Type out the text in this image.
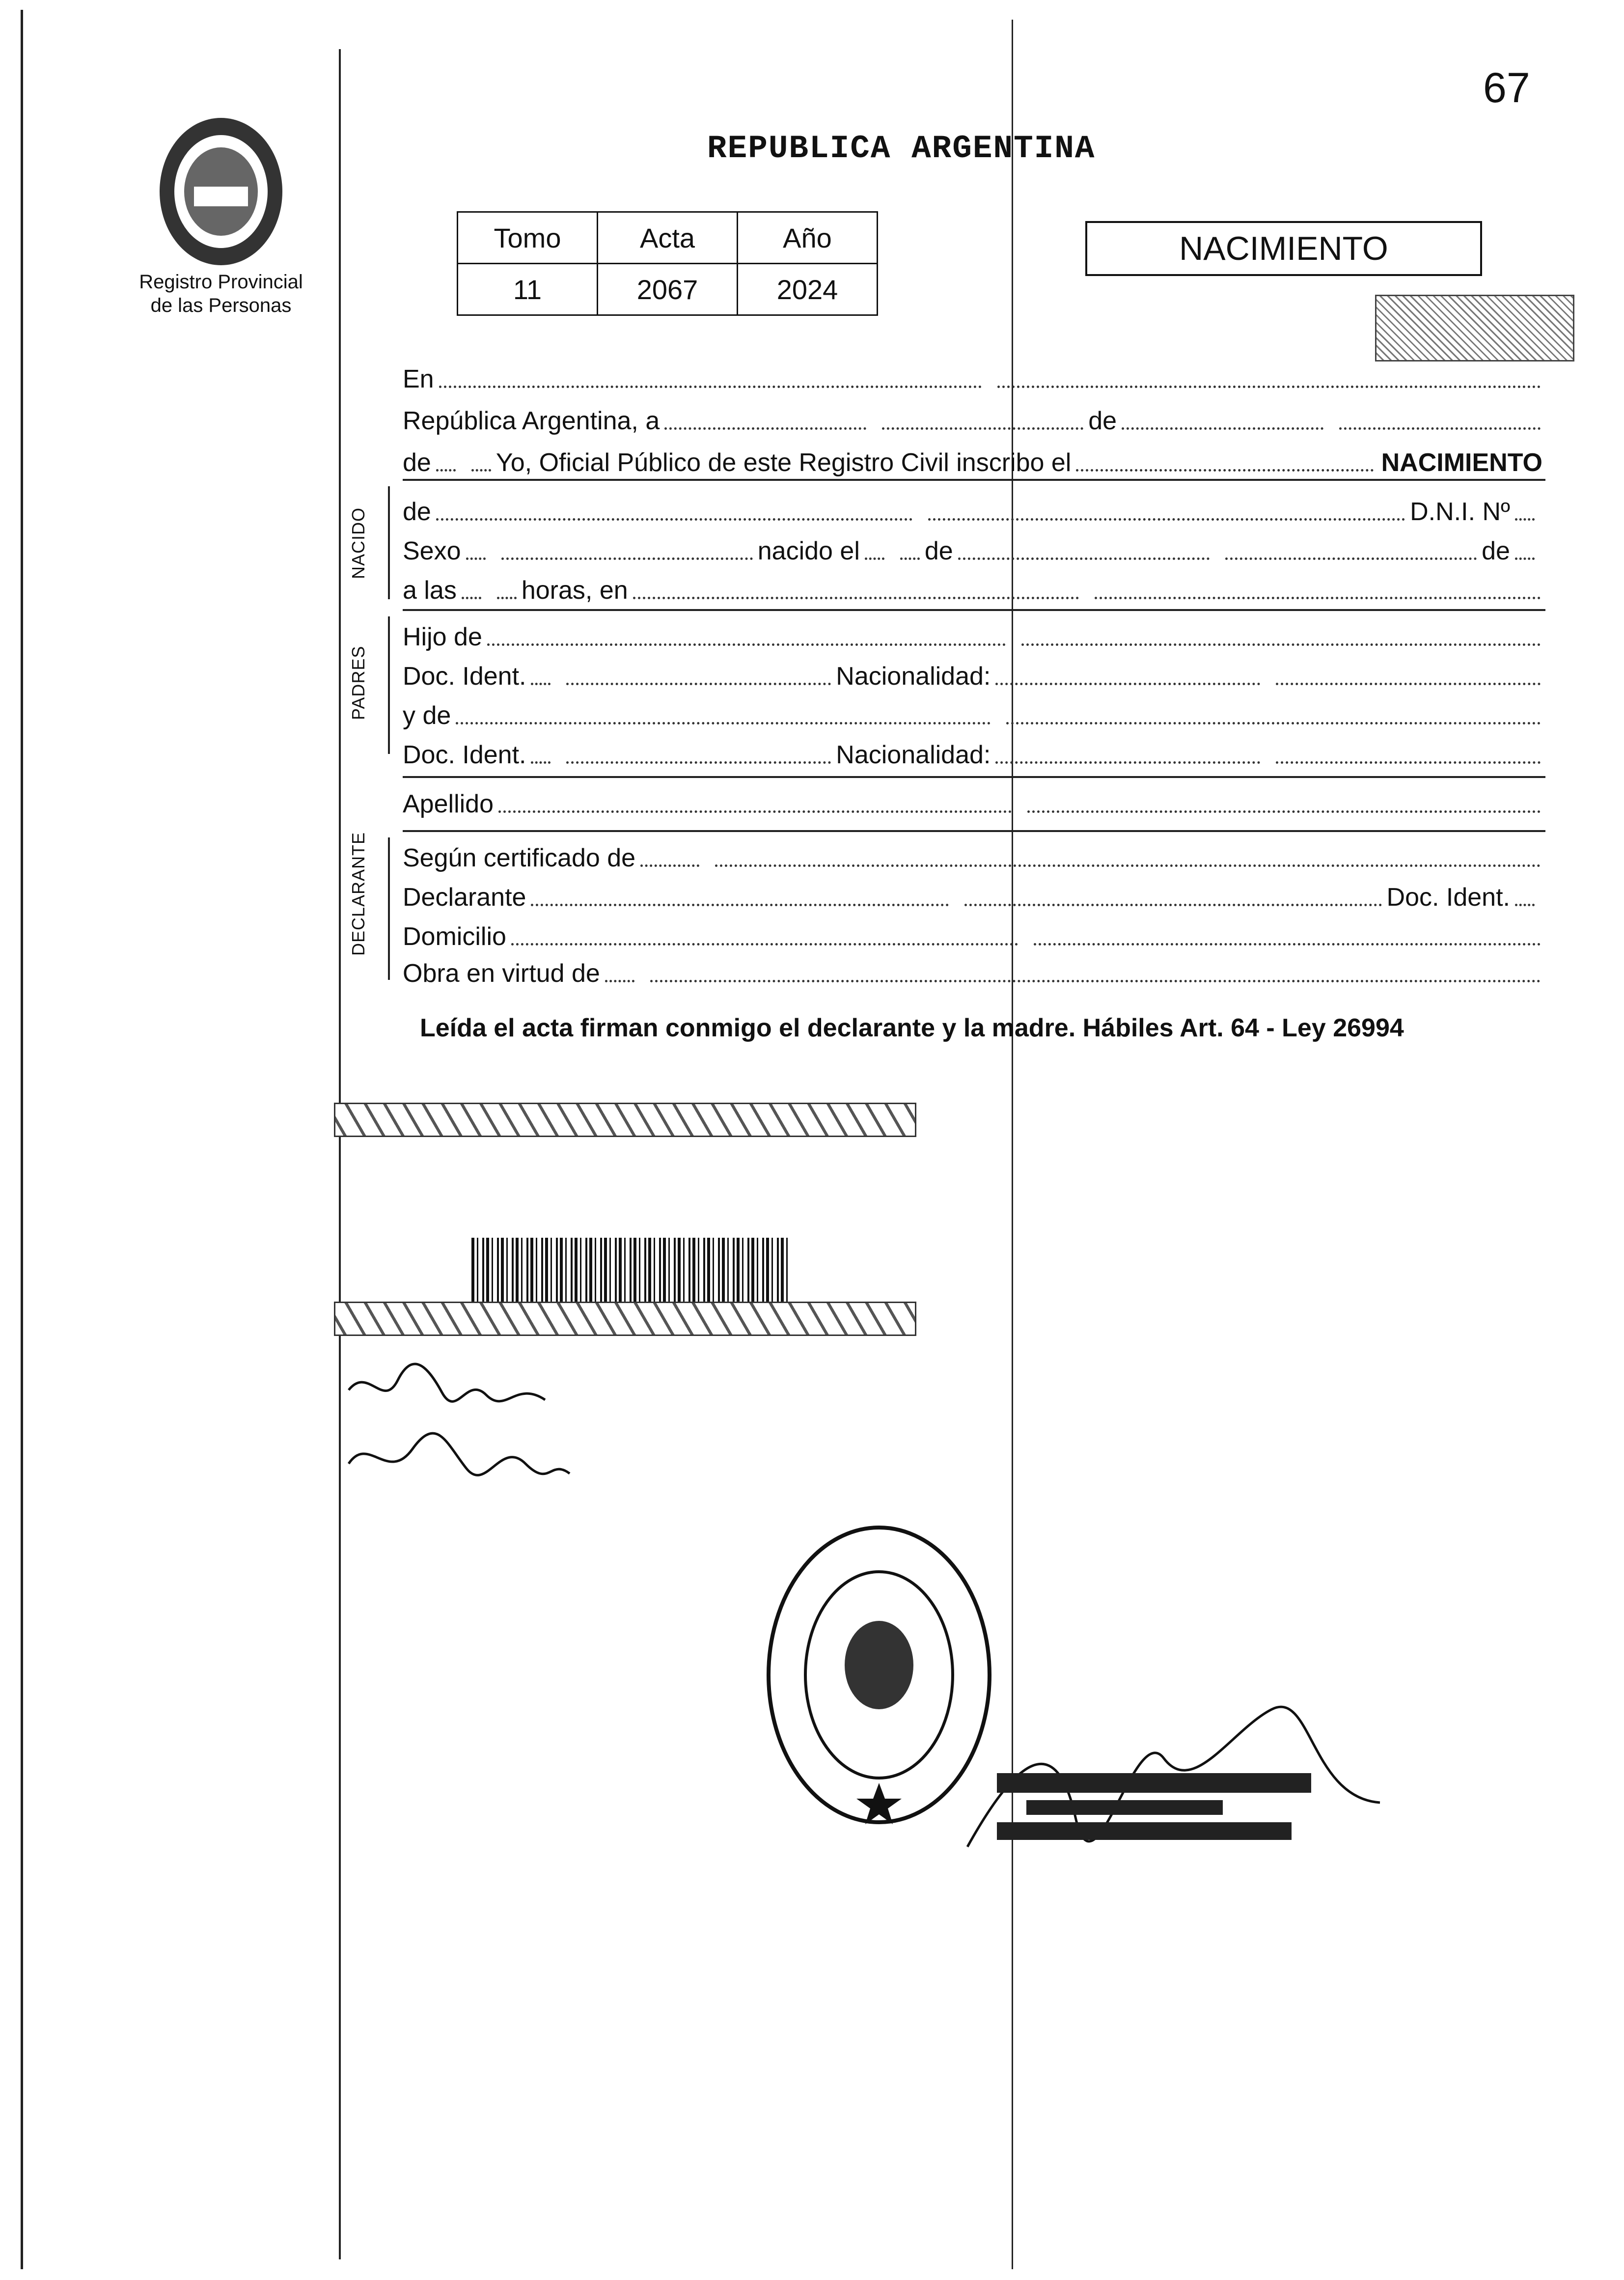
67
Registro Provincial
de las Personas
REPUBLICA ARGENTINA
Tomo	Acta	Año
11	2067	2024
NACIMIENTO
En
República Argentina, a	de
de	Yo, Oficial Público de este Registro Civil inscribo el	NACIMIENTO
NACIDO de	D.N.I. Nº
Sexo	nacido el	de	de
a las	horas, en
PADRES
Hijo de
Doc. Ident.	Nacionalidad:
y de
Doc. Ident.	Nacionalidad:
Apellido
DECLARANTE Según certificado de
Declarante	Doc. Ident.
Domicilio
Obra en virtud de
Leída el acta firman conmigo el declarante y la madre. Hábiles Art. 64 - Ley 26994
